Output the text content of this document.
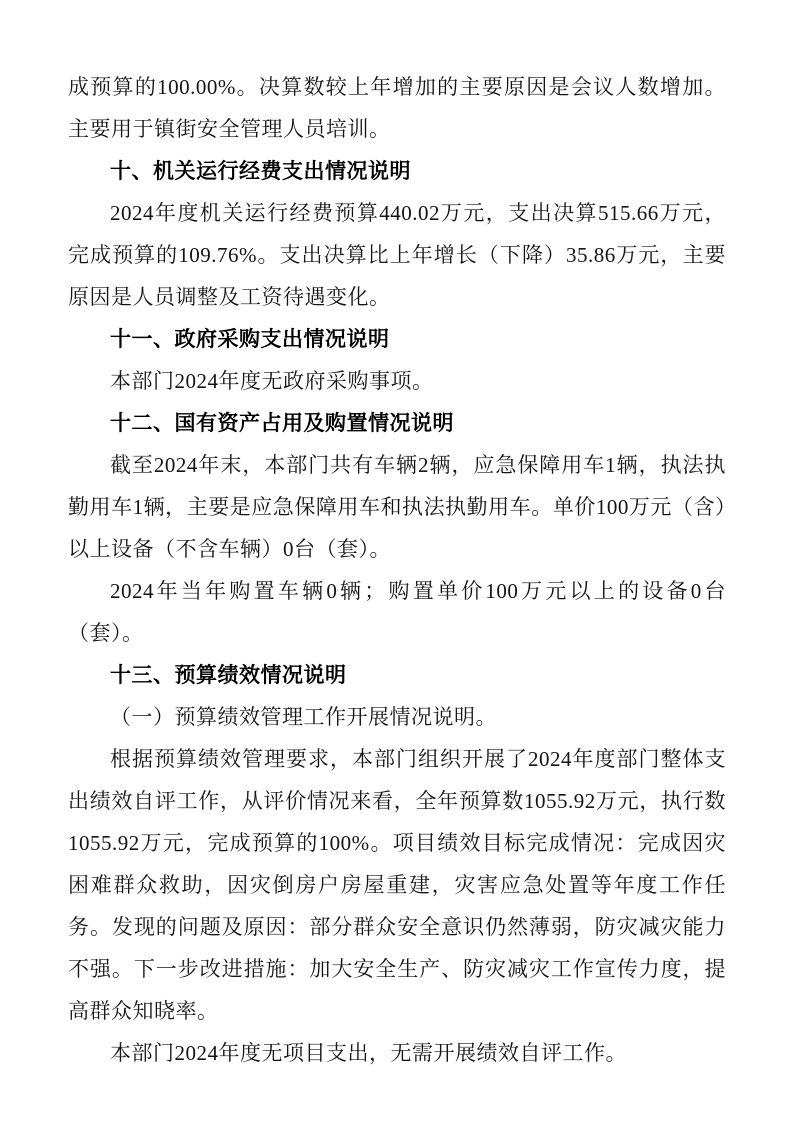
成预算的100.00%。决算数较上年增加的主要原因是会议人数增加。主要用于镇街安全管理人员培训。

十、机关运行经费支出情况说明

2024年度机关运行经费预算440.02万元，支出决算515.66万元，完成预算的109.76%。支出决算比上年增长（下降）35.86万元，主要原因是人员调整及工资待遇变化。

十一、政府采购支出情况说明

本部门2024年度无政府采购事项。

十二、国有资产占用及购置情况说明

截至2024年末，本部门共有车辆2辆，应急保障用车1辆，执法执勤用车1辆，主要是应急保障用车和执法执勤用车。单价100万元（含）以上设备（不含车辆）0台（套）。

2024年当年购置车辆0辆；购置单价100万元以上的设备0台（套）。

十三、预算绩效情况说明

（一）预算绩效管理工作开展情况说明。

根据预算绩效管理要求，本部门组织开展了2024年度部门整体支出绩效自评工作，从评价情况来看，全年预算数1055.92万元，执行数1055.92万元，完成预算的100%。项目绩效目标完成情况：完成因灾困难群众救助，因灾倒房户房屋重建，灾害应急处置等年度工作任务。发现的问题及原因：部分群众安全意识仍然薄弱，防灾减灾能力不强。下一步改进措施：加大安全生产、防灾减灾工作宣传力度，提高群众知晓率。

本部门2024年度无项目支出，无需开展绩效自评工作。
